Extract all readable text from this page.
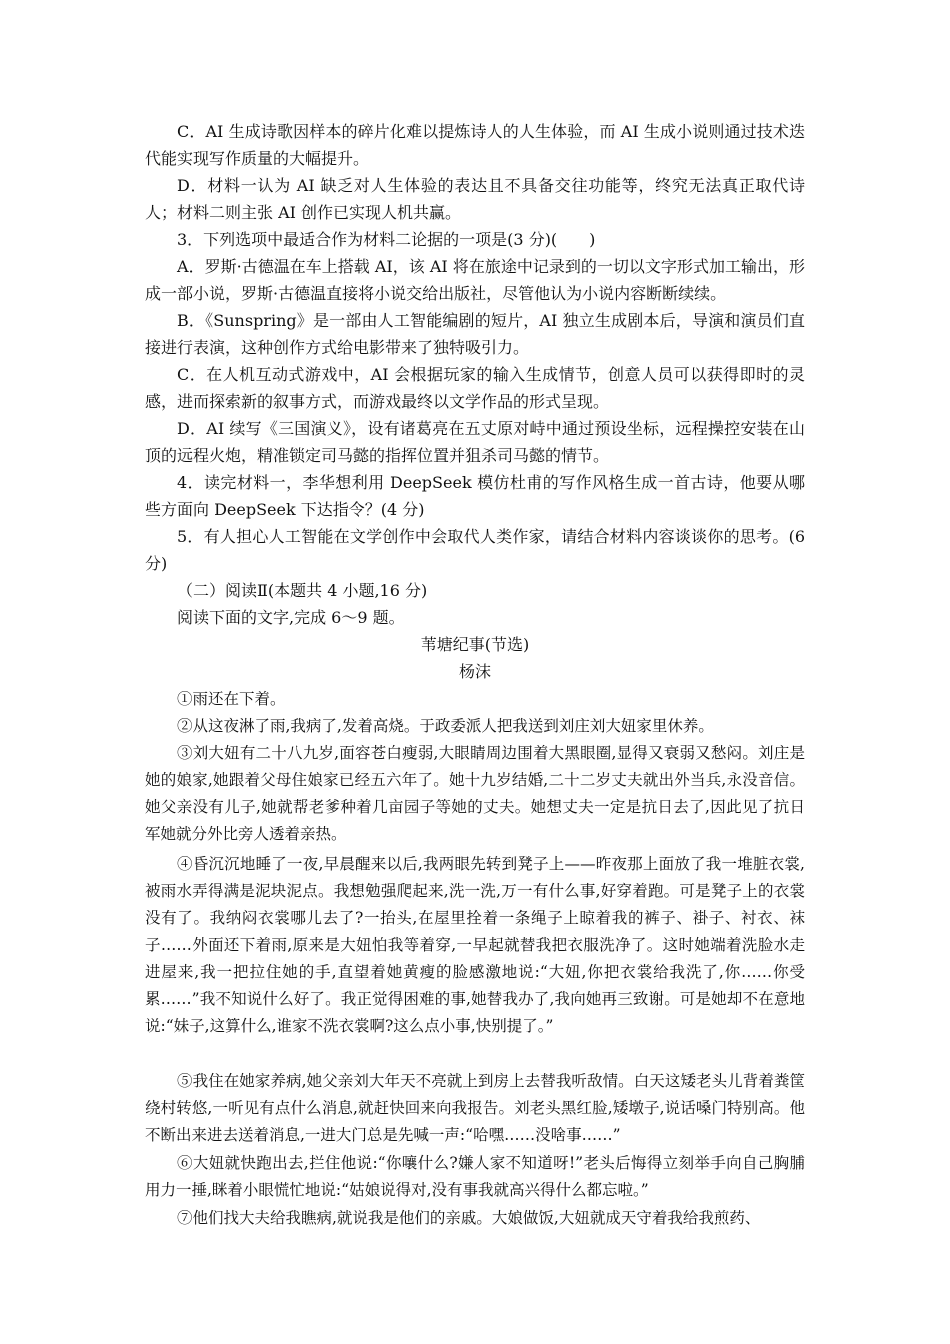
C．AI 生成诗歌因样本的碎片化难以提炼诗人的人生体验，而 AI 生成小说则通过技术迭代能实现写作质量的大幅提升。

D．材料一认为 AI 缺乏对人生体验的表达且不具备交往功能等，终究无法真正取代诗人；材料二则主张 AI 创作已实现人机共赢。

3．下列选项中最适合作为材料二论据的一项是(3 分)(　　)

A．罗斯·古德温在车上搭载 AI，该 AI 将在旅途中记录到的一切以文字形式加工输出，形成一部小说，罗斯·古德温直接将小说交给出版社，尽管他认为小说内容断断续续。

B．《Sunspring》是一部由人工智能编剧的短片，AI 独立生成剧本后，导演和演员们直接进行表演，这种创作方式给电影带来了独特吸引力。

C．在人机互动式游戏中，AI 会根据玩家的输入生成情节，创意人员可以获得即时的灵感，进而探索新的叙事方式，而游戏最终以文学作品的形式呈现。

D．AI 续写《三国演义》，设有诸葛亮在五丈原对峙中通过预设坐标，远程操控安装在山顶的远程火炮，精准锁定司马懿的指挥位置并狙杀司马懿的情节。

4．读完材料一，李华想利用 DeepSeek 模仿杜甫的写作风格生成一首古诗，他要从哪些方面向 DeepSeek 下达指令？(4 分)

5．有人担心人工智能在文学创作中会取代人类作家，请结合材料内容谈谈你的思考。(6 分)

（二）阅读Ⅱ(本题共 4 小题,16 分)

阅读下面的文字,完成 6～9 题。

苇塘纪事(节选)

杨沫

①雨还在下着。

②从这夜淋了雨,我病了,发着高烧。于政委派人把我送到刘庄刘大妞家里休养。

③刘大妞有二十八九岁,面容苍白瘦弱,大眼睛周边围着大黑眼圈,显得又衰弱又愁闷。刘庄是她的娘家,她跟着父母住娘家已经五六年了。她十九岁结婚,二十二岁丈夫就出外当兵,永没音信。她父亲没有儿子,她就帮老爹种着几亩园子等她的丈夫。她想丈夫一定是抗日去了,因此见了抗日军她就分外比旁人透着亲热。

④昏沉沉地睡了一夜,早晨醒来以后,我两眼先转到凳子上——昨夜那上面放了我一堆脏衣裳,被雨水弄得满是泥块泥点。我想勉强爬起来,洗一洗,万一有什么事,好穿着跑。可是凳子上的衣裳没有了。我纳闷衣裳哪儿去了?一抬头,在屋里拴着一条绳子上晾着我的裤子、褂子、衬衣、袜子……外面还下着雨,原来是大妞怕我等着穿,一早起就替我把衣服洗净了。这时她端着洗脸水走进屋来,我一把拉住她的手,直望着她黄瘦的脸感激地说:“大妞,你把衣裳给我洗了,你……你受累……”我不知说什么好了。我正觉得困难的事,她替我办了,我向她再三致谢。可是她却不在意地说:“妹子,这算什么,谁家不洗衣裳啊?这么点小事,快别提了。”

⑤我住在她家养病,她父亲刘大年天不亮就上到房上去替我听敌情。白天这矮老头儿背着粪筐绕村转悠,一听见有点什么消息,就赶快回来向我报告。刘老头黑红脸,矮墩子,说话嗓门特别高。他不断出来进去送着消息,一进大门总是先喊一声:“哈嘿……没啥事……”

⑥大妞就快跑出去,拦住他说:“你嚷什么?嫌人家不知道呀!”老头后悔得立刻举手向自己胸脯用力一捶,眯着小眼慌忙地说:“姑娘说得对,没有事我就高兴得什么都忘啦。”

⑦他们找大夫给我瞧病,就说我是他们的亲戚。大娘做饭,大妞就成天守着我给我煎药、
